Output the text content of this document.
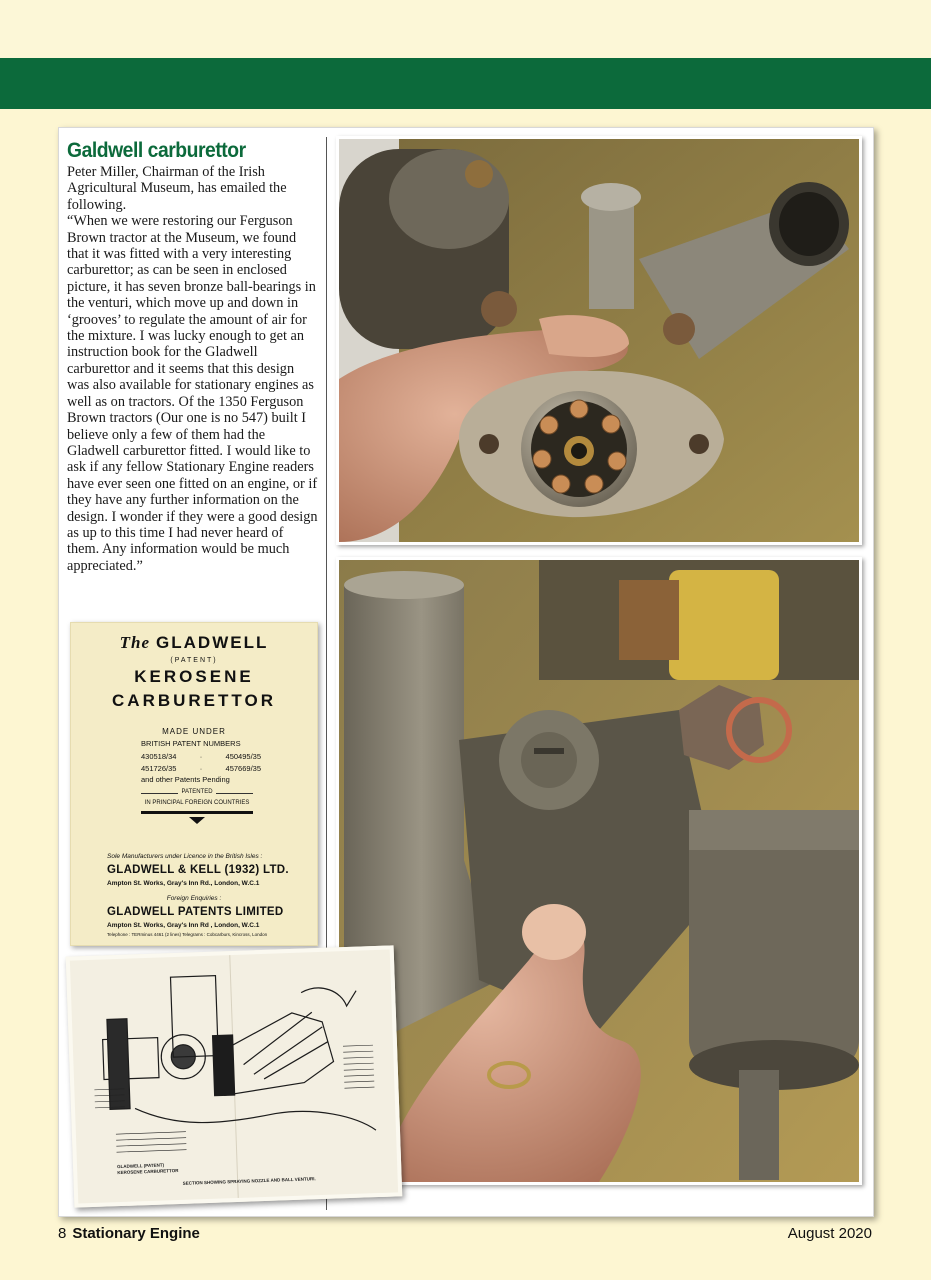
Galdwell carburettor

Peter Miller, Chairman of the Irish Agricultural Museum, has emailed the following.

“When we were restoring our Ferguson Brown tractor at the Museum, we found that it was fitted with a very interesting carburettor; as can be seen in enclosed picture, it has seven bronze ball-bearings in the venturi, which move up and down in ‘grooves’ to regulate the amount of air for the mixture. I was lucky enough to get an instruction book for the Gladwell carburettor and it seems that this design was also available for stationary engines as well as on tractors. Of the 1350 Ferguson Brown tractors (Our one is no 547) built I believe only a few of them had the Gladwell carburettor fitted. I would like to ask if any fellow Stationary Engine readers have ever seen one fitted on an engine, or if they have any further information on the design. I wonder if they were a good design as up to this time I had never heard of them. Any information would be much appreciated.”

The GLADWELL
(PATENT)
KEROSENE
CARBURETTOR
MADE UNDER
BRITISH PATENT NUMBERS
430518/34	·	450495/35
451726/35	·	457669/35
and other Patents Pending
PATENTED
IN PRINCIPAL FOREIGN COUNTRIES
Sole Manufacturers under Licence in the British Isles :
GLADWELL & KELL (1932) LTD.
Ampton St. Works, Gray's Inn Rd., London, W.C.1
Foreign Enquiries :
GLADWELL PATENTS LIMITED
Ampton St. Works, Gray's Inn Rd , London, W.C.1
Telephone : TERminus 4461 (2 lines) Telegrams : Cobcarburs, Kincross, London
GLADWELL (PATENT)
KEROSENE CARBURETTOR
SECTION SHOWING SPRAYING NOZZLE AND BALL VENTURI.
8 Stationary Engine	August 2020
